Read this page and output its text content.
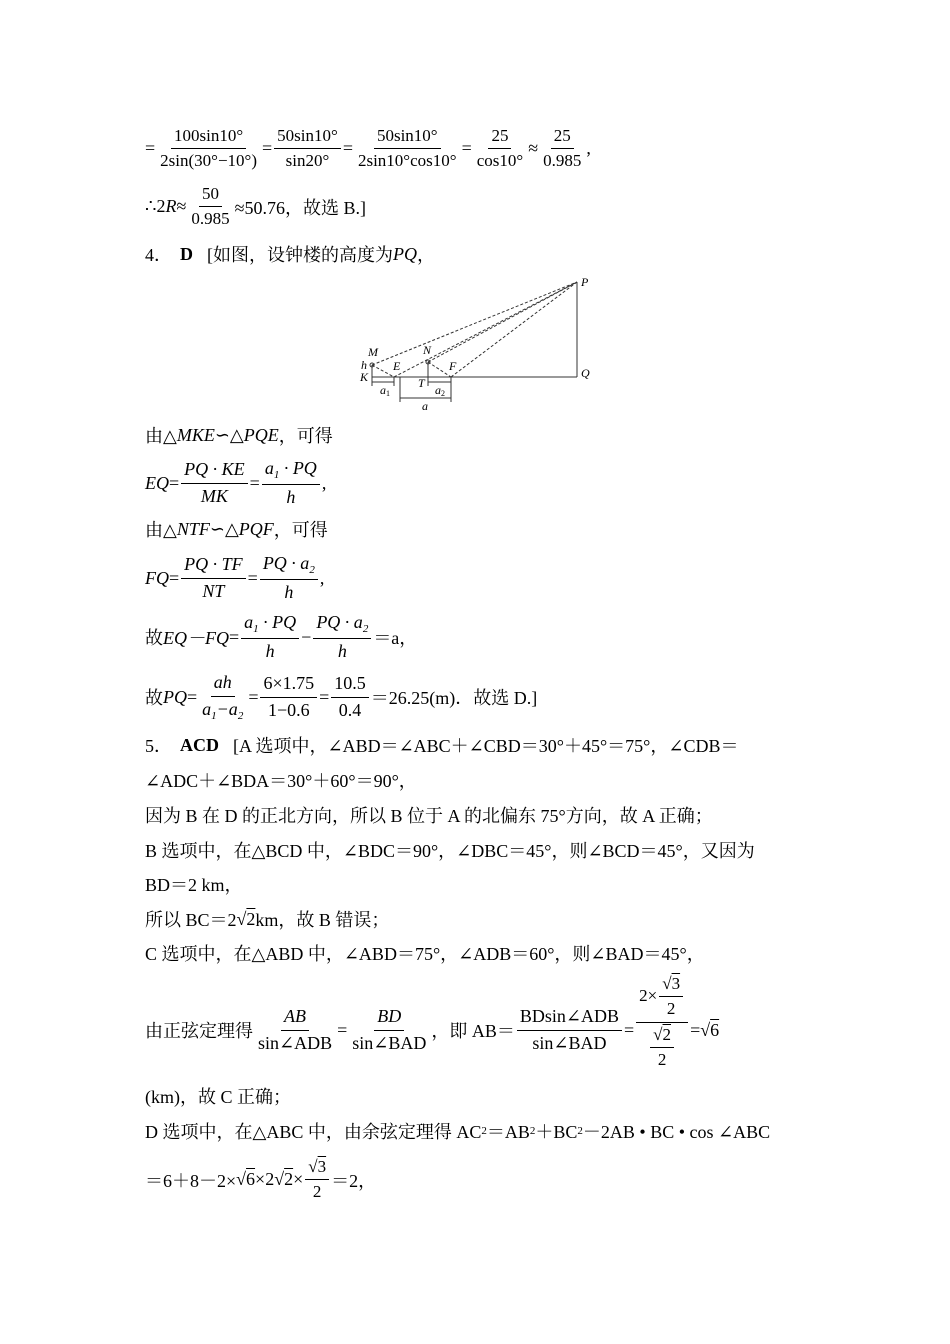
= $\frac{100\sin 10^\circ}{2\sin(30^\circ-10^\circ)} = \frac{50\sin 10^\circ}{\sin 20^\circ} = \frac{50\sin 10^\circ}{2\sin 10^\circ\cos 10^\circ} = \frac{25}{\cos 10^\circ} \approx \frac{25}{0.985}$ ,
∴2 $R \approx \frac{50}{0.985} \approx 50.76$，故选 B.]
4． D [如图，设钟楼的高度为 PQ ，
P
Q
M	N
E	F
K
h
T
a1	a2
a
由△ MKE ∽△ PQE ，可得
EQ = $\frac{PQ \cdot KE}{MK} = \frac{a_1 \cdot PQ}{h}$ ,
由△ NTF ∽△ PQF ，可得
FQ = $\frac{PQ \cdot TF}{NT} = \frac{PQ \cdot a_2}{h}$ ,
故 $EQ-FQ = \frac{a_1 \cdot PQ}{h} - \frac{PQ \cdot a_2}{h} =a$，
故 PQ = $\frac{ah}{a_1-a_2} = \frac{6\times 1.75}{1-0.6} = \frac{10.5}{0.4} =26.25(m)$．故选 D.]
5． ACD [A 选项中，∠ABD＝∠ABC＋∠CBD＝30°＋45°＝75°，∠CDB＝
∠ADC＋∠BDA＝30°＋60°＝90°，
因为 B 在 D 的正北方向，所以 B 位于 A 的北偏东 75°方向，故 A 正确；
B 选项中，在△BCD 中，∠BDC＝90°，∠DBC＝45°，则∠BCD＝45°，又因为
BD＝2 km，
所以 BC＝2 √2 km，故 B 错误；
C 选项中，在△ABD 中，∠ABD＝75°，∠ADB＝60°，则∠BAD＝45°，
由正弦定理得 $\frac{AB}{\text{sin∠ADB}} = \frac{BD}{\text{sin∠BAD}}$ ，即 $AB= \frac{\text{BDsin∠ADB}}{\text{sin∠BAD}} = \frac{2\times \frac{√3}{2}}{\frac{√2}{2}} = √6$
(km)，故 C 正确；
D 选项中，在△ABC 中，由余弦定理得 AC 2 ＝AB 2 ＋BC 2 －2AB • BC • cos ∠ABC
＝6＋8－2× √6 ×2 $√2 \times \frac{√3}{2} =2$，
